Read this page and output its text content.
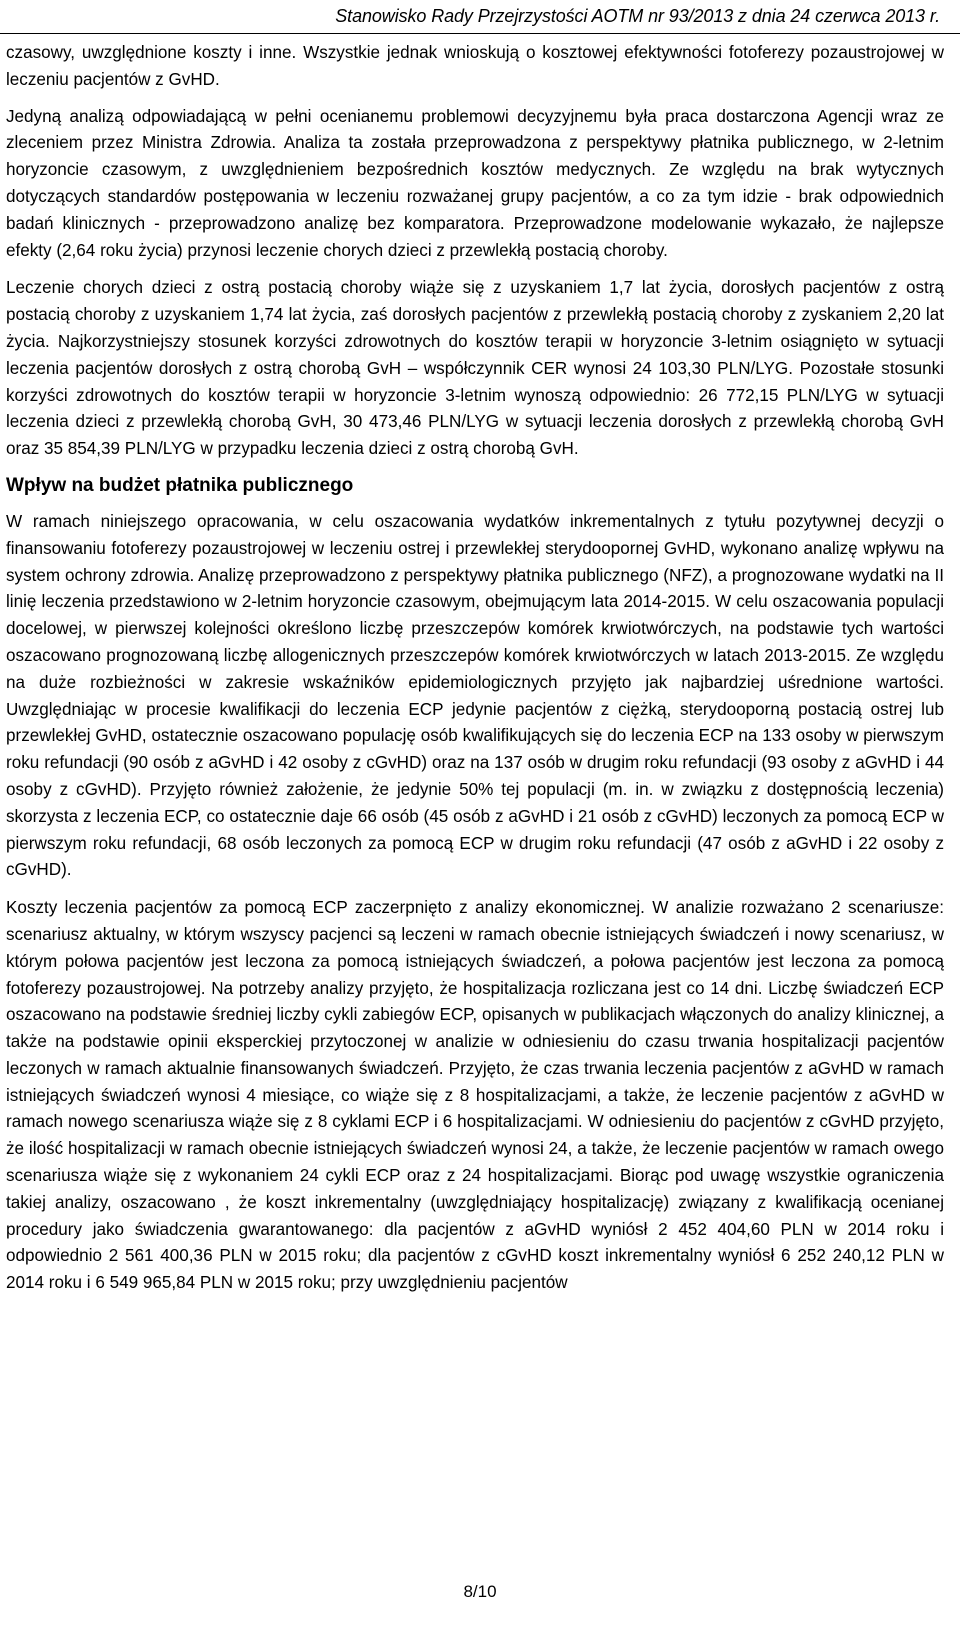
Stanowisko Rady Przejrzystości AOTM nr 93/2013 z dnia 24 czerwca 2013 r.

czasowy, uwzględnione koszty i inne. Wszystkie jednak wnioskują o kosztowej efektywności fotoferezy pozaustrojowej w leczeniu pacjentów z GvHD.

Jedyną analizą odpowiadającą w pełni ocenianemu problemowi decyzyjnemu była praca dostarczona Agencji wraz ze zleceniem przez Ministra Zdrowia. Analiza ta została przeprowadzona z perspektywy płatnika publicznego, w 2-letnim horyzoncie czasowym, z uwzględnieniem bezpośrednich kosztów medycznych. Ze względu na brak wytycznych dotyczących standardów postępowania w leczeniu rozważanej grupy pacjentów, a co za tym idzie - brak odpowiednich badań klinicznych - przeprowadzono analizę bez komparatora. Przeprowadzone modelowanie wykazało, że najlepsze efekty (2,64 roku życia) przynosi leczenie chorych dzieci z przewlekłą postacią choroby.

Leczenie chorych dzieci z ostrą postacią choroby wiąże się z uzyskaniem 1,7 lat życia, dorosłych pacjentów z ostrą postacią choroby z uzyskaniem 1,74 lat życia, zaś dorosłych pacjentów z przewlekłą postacią choroby z zyskaniem 2,20 lat życia. Najkorzystniejszy stosunek korzyści zdrowotnych do kosztów terapii w horyzoncie 3-letnim osiągnięto w sytuacji leczenia pacjentów dorosłych z ostrą chorobą GvH – współczynnik CER wynosi 24 103,30 PLN/LYG. Pozostałe stosunki korzyści zdrowotnych do kosztów terapii w horyzoncie 3-letnim wynoszą odpowiednio: 26 772,15 PLN/LYG w sytuacji leczenia dzieci z przewlekłą chorobą GvH, 30 473,46 PLN/LYG w sytuacji leczenia dorosłych z przewlekłą chorobą GvH oraz 35 854,39 PLN/LYG w przypadku leczenia dzieci z ostrą chorobą GvH.

Wpływ na budżet płatnika publicznego

W ramach niniejszego opracowania, w celu oszacowania wydatków inkrementalnych z tytułu pozytywnej decyzji o finansowaniu fotoferezy pozaustrojowej w leczeniu ostrej i przewlekłej sterydoopornej GvHD, wykonano analizę wpływu na system ochrony zdrowia. Analizę przeprowadzono z perspektywy płatnika publicznego (NFZ), a prognozowane wydatki na II linię leczenia przedstawiono w 2-letnim horyzoncie czasowym, obejmującym lata 2014-2015. W celu oszacowania populacji docelowej, w pierwszej kolejności określono liczbę przeszczepów komórek krwiotwórczych, na podstawie tych wartości oszacowano prognozowaną liczbę allogenicznych przeszczepów komórek krwiotwórczych w latach 2013-2015. Ze względu na duże rozbieżności w zakresie wskaźników epidemiologicznych przyjęto jak najbardziej uśrednione wartości. Uwzględniając w procesie kwalifikacji do leczenia ECP jedynie pacjentów z ciężką, sterydooporną postacią ostrej lub przewlekłej GvHD, ostatecznie oszacowano populację osób kwalifikujących się do leczenia ECP na 133 osoby w pierwszym roku refundacji (90 osób z aGvHD i 42 osoby z cGvHD) oraz na 137 osób w drugim roku refundacji (93 osoby z aGvHD i 44 osoby z cGvHD). Przyjęto również założenie, że jedynie 50% tej populacji (m. in. w związku z dostępnością leczenia) skorzysta z leczenia ECP, co ostatecznie daje 66 osób (45 osób z aGvHD i 21 osób z cGvHD) leczonych za pomocą ECP w pierwszym roku refundacji, 68 osób leczonych za pomocą ECP w drugim roku refundacji (47 osób z aGvHD i 22 osoby z cGvHD).

Koszty leczenia pacjentów za pomocą ECP zaczerpnięto z analizy ekonomicznej. W analizie rozważano 2 scenariusze: scenariusz aktualny, w którym wszyscy pacjenci są leczeni w ramach obecnie istniejących świadczeń i nowy scenariusz, w którym połowa pacjentów jest leczona za pomocą istniejących świadczeń, a połowa pacjentów jest leczona za pomocą fotoferezy pozaustrojowej. Na potrzeby analizy przyjęto, że hospitalizacja rozliczana jest co 14 dni. Liczbę świadczeń ECP oszacowano na podstawie średniej liczby cykli zabiegów ECP, opisanych w publikacjach włączonych do analizy klinicznej, a także na podstawie opinii eksperckiej przytoczonej w analizie w odniesieniu do czasu trwania hospitalizacji pacjentów leczonych w ramach aktualnie finansowanych świadczeń. Przyjęto, że czas trwania leczenia pacjentów z aGvHD w ramach istniejących świadczeń wynosi 4 miesiące, co wiąże się z 8 hospitalizacjami, a także, że leczenie pacjentów z aGvHD w ramach nowego scenariusza wiąże się z 8 cyklami ECP i 6 hospitalizacjami. W odniesieniu do pacjentów z cGvHD przyjęto, że ilość hospitalizacji w ramach obecnie istniejących świadczeń wynosi 24, a także, że leczenie pacjentów w ramach owego scenariusza wiąże się z wykonaniem 24 cykli ECP oraz z 24 hospitalizacjami. Biorąc pod uwagę wszystkie ograniczenia takiej analizy, oszacowano , że koszt inkrementalny (uwzględniający hospitalizację) związany z kwalifikacją ocenianej procedury jako świadczenia gwarantowanego: dla pacjentów z aGvHD wyniósł 2 452 404,60 PLN w 2014 roku i odpowiednio 2 561 400,36 PLN w 2015 roku; dla pacjentów z cGvHD koszt inkrementalny wyniósł 6 252 240,12 PLN w 2014 roku i 6 549 965,84 PLN w 2015 roku; przy uwzględnieniu pacjentów

8/10
